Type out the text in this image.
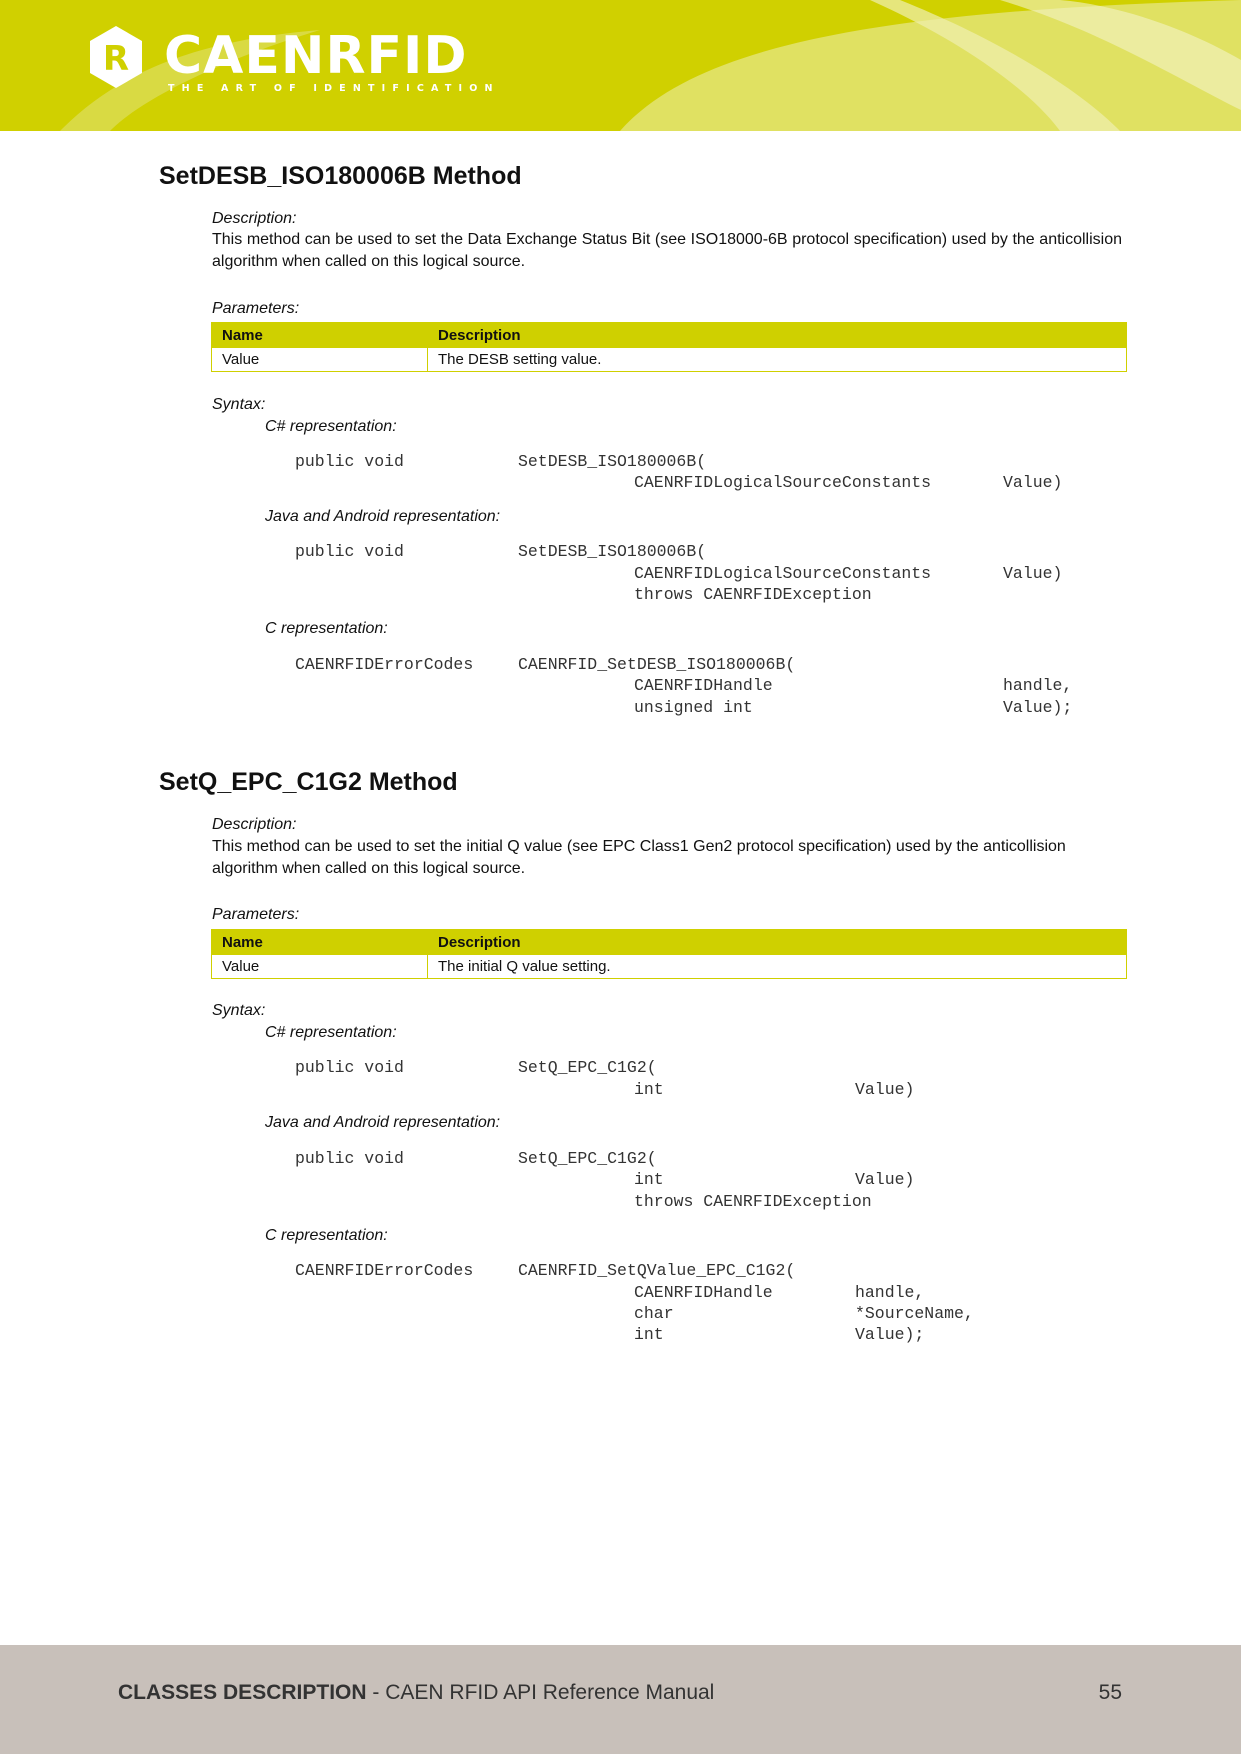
R CAENRFID
THE ART OF IDENTIFICATION
SetDESB_ISO180006B Method
Description:
This method can be used to set the Data Exchange Status Bit (see ISO18000-6B protocol specification) used by the anticollision algorithm when called on this logical source.
Parameters:
Name	Description
Value	The DESB setting value.
Syntax:
C# representation:
public void	SetDESB_ISO180006B(
CAENRFIDLogicalSourceConstants	Value)
Java and Android representation:
public void	SetDESB_ISO180006B(
CAENRFIDLogicalSourceConstants	Value)
throws CAENRFIDException
C representation:
CAENRFIDErrorCodes	CAENRFID_SetDESB_ISO180006B(
CAENRFIDHandle	handle,
unsigned int	Value);
SetQ_EPC_C1G2 Method
Description:
This method can be used to set the initial Q value (see EPC Class1 Gen2 protocol specification) used by the anticollision algorithm when called on this logical source.
Parameters:
Name	Description
Value	The initial Q value setting.
Syntax:
C# representation:
public void	SetQ_EPC_C1G2(
int	Value)
Java and Android representation:
public void	SetQ_EPC_C1G2(
int	Value)
throws CAENRFIDException
C representation:
CAENRFIDErrorCodes	CAENRFID_SetQValue_EPC_C1G2(
CAENRFIDHandle	handle,
char	*SourceName,
int	Value);
CLASSES DESCRIPTION - CAEN RFID API Reference Manual	55
